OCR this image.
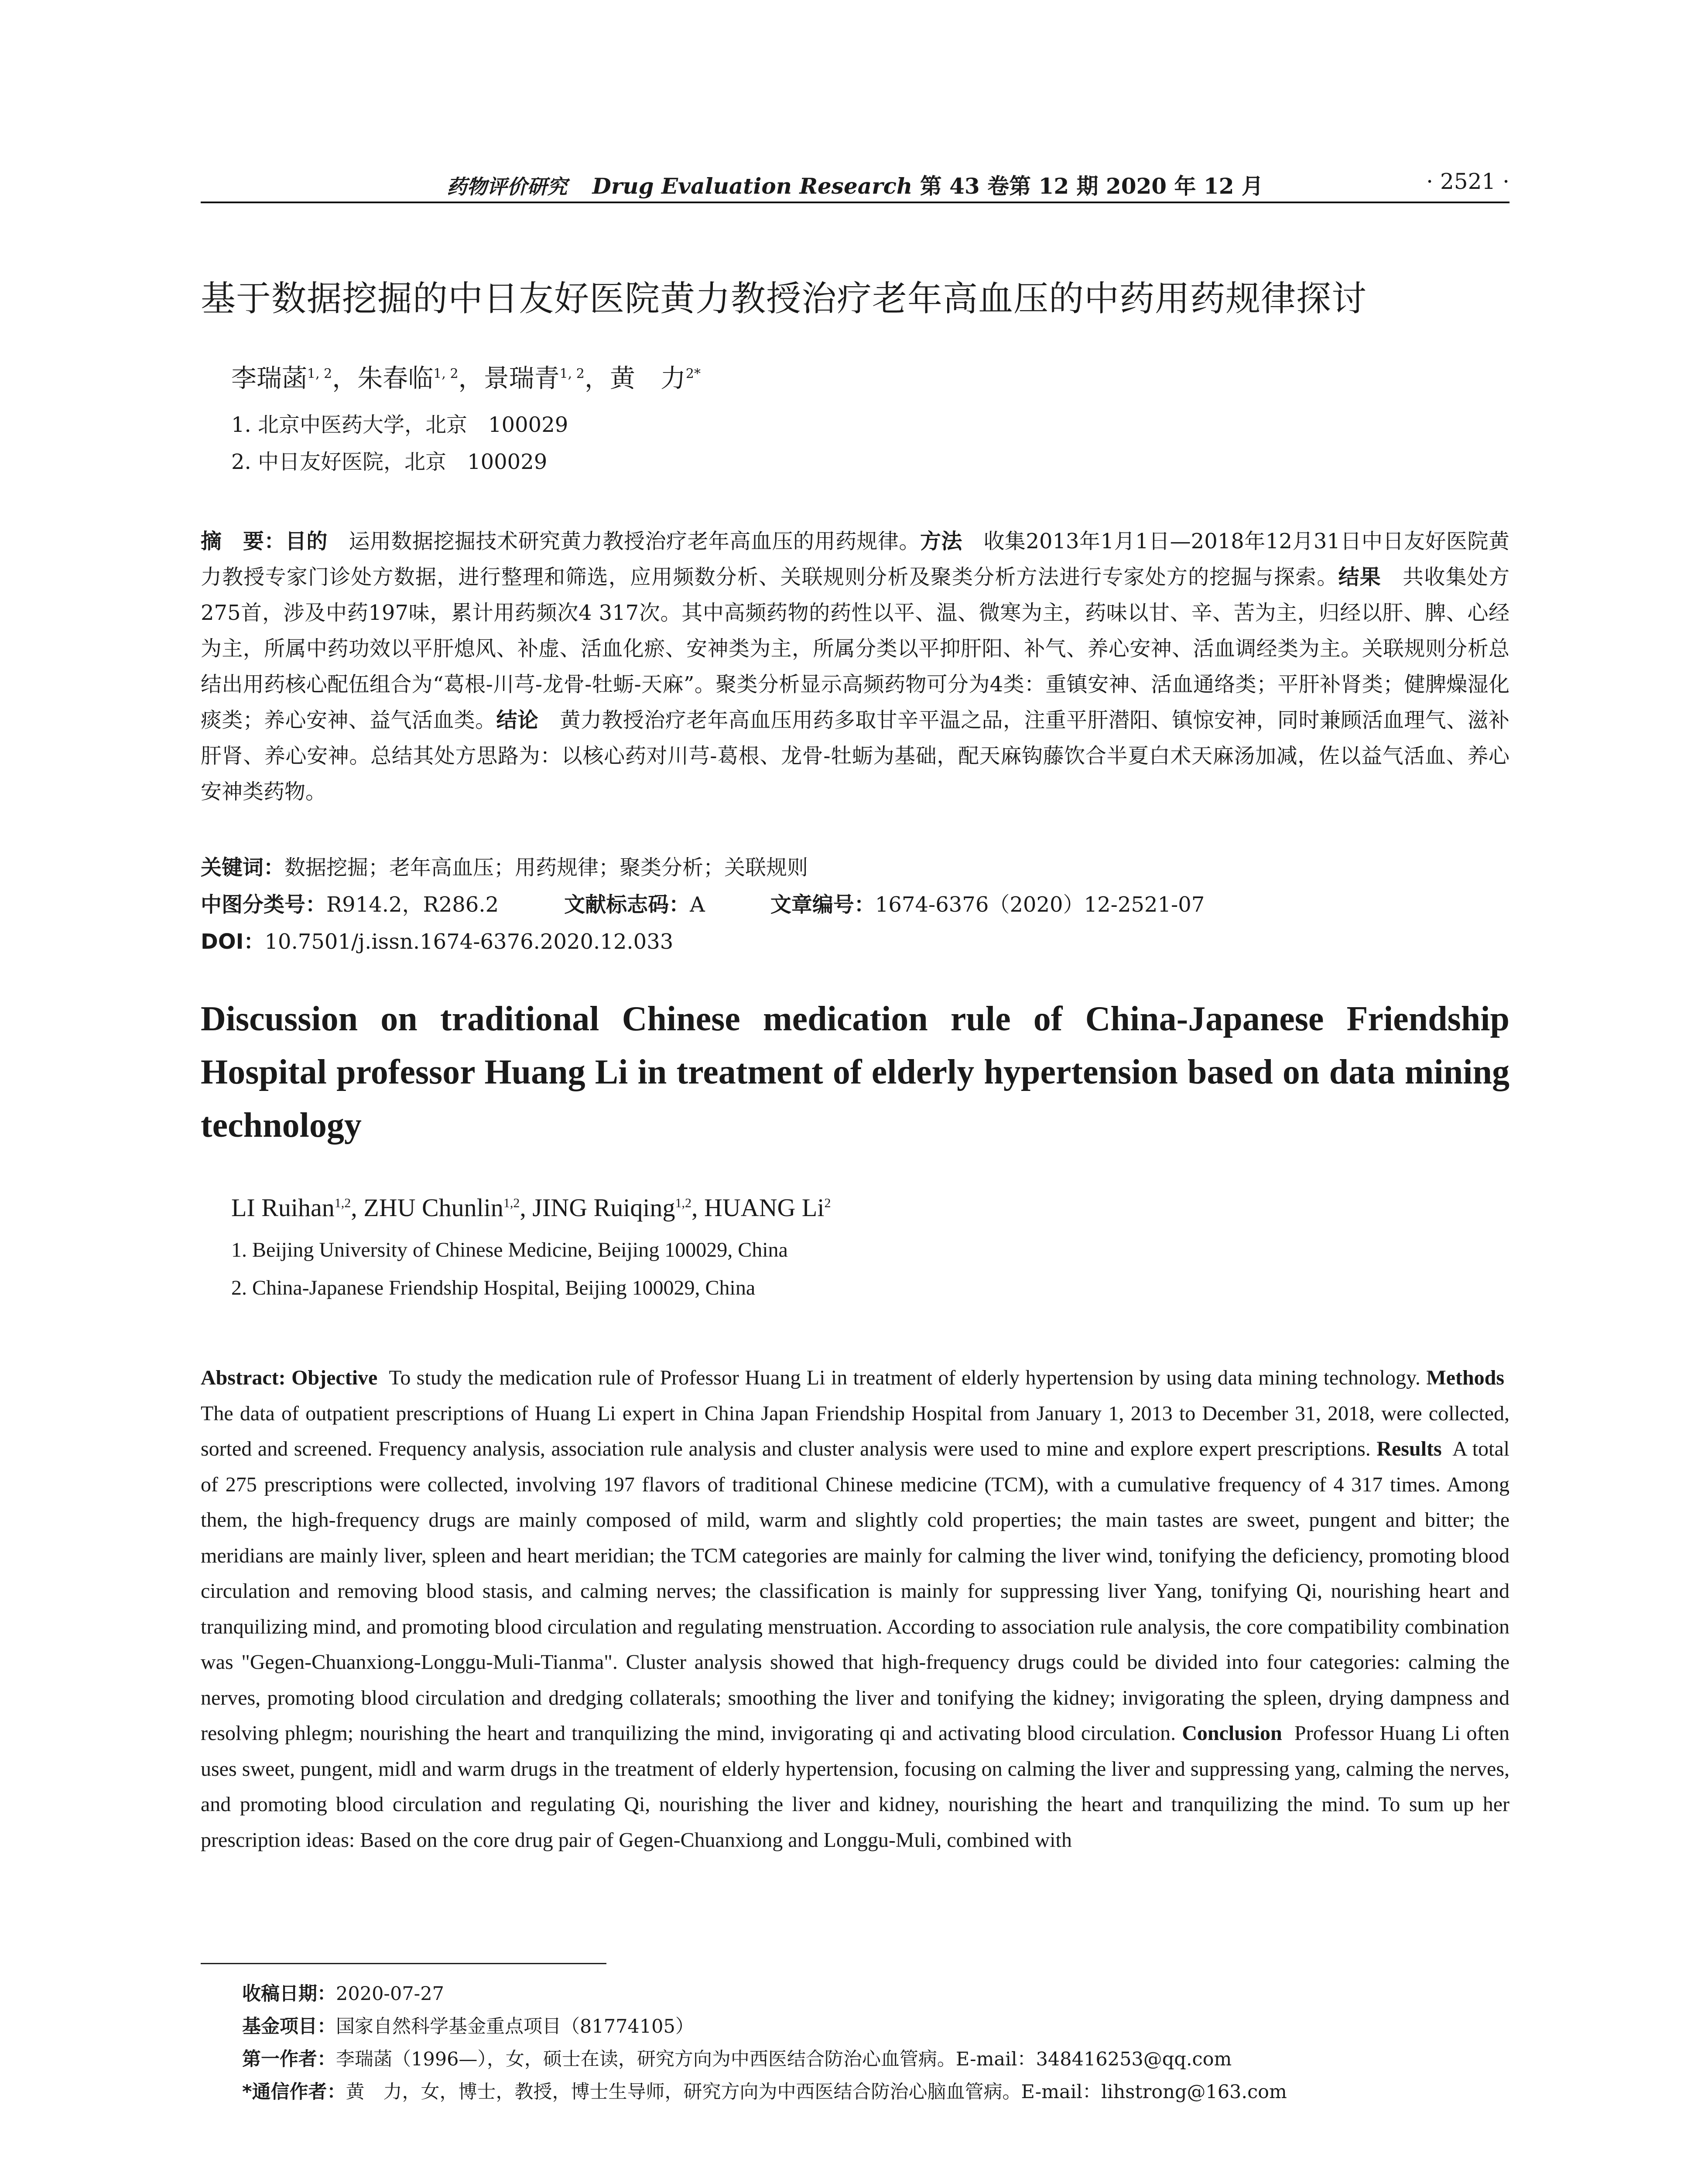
药物评价研究 Drug Evaluation Research 第 43 卷第 12 期 2020 年 12 月	· 2521 ·
基于数据挖掘的中日友好医院黄力教授治疗老年高血压的中药用药规律探讨
李瑞菡$^{1, 2}$，朱春临$^{1, 2}$，景瑞青$^{1, 2}$，黄　力$^{2*}$
1. 北京中医药大学，北京　100029
2. 中日友好医院，北京　100029
摘　要：目的　 运用数据挖掘技术研究黄力教授治疗老年高血压的用药规律。方法　 收集2013年1月1日—2018年12月31日中日友好医院黄力教授专家门诊处方数据，进行整理和筛选，应用频数分析、关联规则分析及聚类分析方法进行专家处方的挖掘与探索。结果　 共收集处方275首，涉及中药197味，累计用药频次4 317次。其中高频药物的药性以平、温、微寒为主，药味以甘、辛、苦为主，归经以肝、脾、心经为主，所属中药功效以平肝熄风、补虚、活血化瘀、安神类为主，所属分类以平抑肝阳、补气、养心安神、活血调经类为主。关联规则分析总结出用药核心配伍组合为“葛根-川芎-龙骨-牡蛎-天麻”。聚类分析显示高频药物可分为4类：重镇安神、活血通络类；平肝补肾类；健脾燥湿化痰类；养心安神、益气活血类。结论　 黄力教授治疗老年高血压用药多取甘辛平温之品，注重平肝潜阳、镇惊安神，同时兼顾活血理气、滋补肝肾、养心安神。总结其处方思路为：以核心药对川芎-葛根、龙骨-牡蛎为基础，配天麻钩藤饮合半夏白术天麻汤加减，佐以益气活血、养心安神类药物。
关键词：数据挖掘；老年高血压；用药规律；聚类分析；关联规则
中图分类号：R914.2，R286.2	文献标志码：A	文章编号：1674-6376（2020）12-2521-07
DOI：10.7501/j.issn.1674-6376.2020.12.033
Discussion on traditional Chinese medication rule of China-Japanese Friendship Hospital professor Huang Li in treatment of elderly hypertension based on data mining technology
LI Ruihan$^{1,2}$, ZHU Chunlin$^{1,2}$, JING Ruiqing$^{1,2}$, HUANG Li$^2$
1. Beijing University of Chinese Medicine, Beijing 100029, China
2. China-Japanese Friendship Hospital, Beijing 100029, China
Abstract: Objective To study the medication rule of Professor Huang Li in treatment of elderly hypertension by using data mining technology. Methods  The data of outpatient prescriptions of Huang Li expert in China Japan Friendship Hospital from January 1, 2013 to December 31, 2018, were collected, sorted and screened. Frequency analysis, association rule analysis and cluster analysis were used to mine and explore expert prescriptions. Results A total of 275 prescriptions were collected, involving 197 flavors of traditional Chinese medicine (TCM), with a cumulative frequency of 4 317 times. Among them, the high-frequency drugs are mainly composed of mild, warm and slightly cold properties; the main tastes are sweet, pungent and bitter; the meridians are mainly liver, spleen and heart meridian; the TCM categories are mainly for calming the liver wind, tonifying the deficiency, promoting blood circulation and removing blood stasis, and calming nerves; the classification is mainly for suppressing liver Yang, tonifying Qi, nourishing heart and tranquilizing mind, and promoting blood circulation and regulating menstruation. According to association rule analysis, the core compatibility combination was "Gegen-Chuanxiong-Longgu-Muli-Tianma". Cluster analysis showed that high-frequency drugs could be divided into four categories: calming the nerves, promoting blood circulation and dredging collaterals; smoothing the liver and tonifying the kidney; invigorating the spleen, drying dampness and resolving phlegm; nourishing the heart and tranquilizing the mind, invigorating qi and activating blood circulation. Conclusion Professor Huang Li often uses sweet, pungent, midl and warm drugs in the treatment of elderly hypertension, focusing on calming the liver and suppressing yang, calming the nerves, and promoting blood circulation and regulating Qi, nourishing the liver and kidney, nourishing the heart and tranquilizing the mind. To sum up her prescription ideas: Based on the core drug pair of Gegen-Chuanxiong and Longgu-Muli, combined with
收稿日期：2020-07-27
基金项目：国家自然科学基金重点项目（81774105）
第一作者：李瑞菡（1996—），女，硕士在读，研究方向为中西医结合防治心血管病。E-mail：348416253@qq.com
*通信作者：黄　力，女，博士，教授，博士生导师，研究方向为中西医结合防治心脑血管病。E-mail：lihstrong@163.com
